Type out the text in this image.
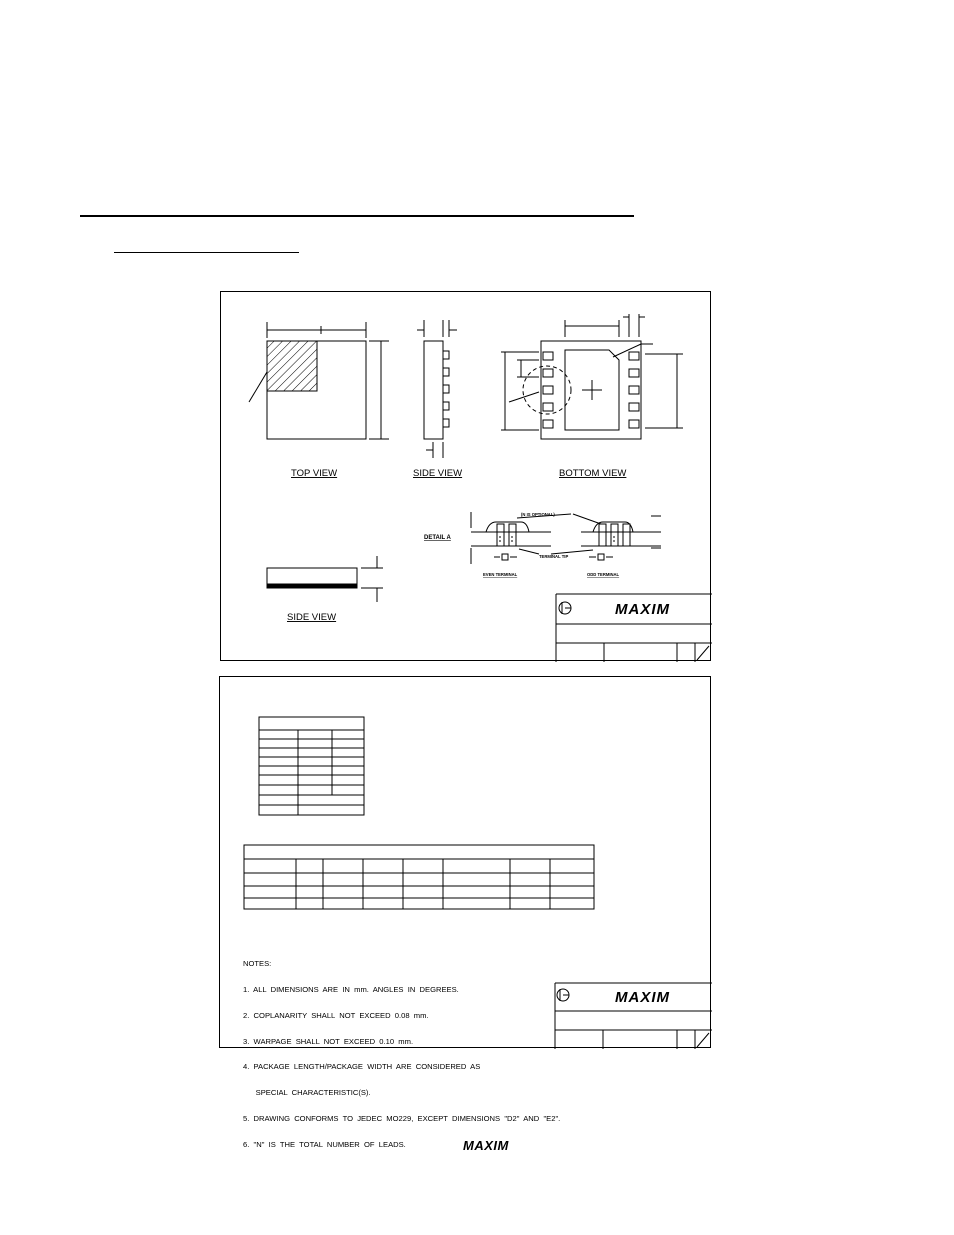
TOP VIEW	SIDE VIEW	BOTTOM VIEW
SIDE VIEW
DETAIL A
(N IS OPTIONAL)
TERMINAL TIP
EVEN TERMINAL	ODD TERMINAL
MAXIM
MAXIM

NOTES:

1.  ALL  DIMENSIONS  ARE  IN  mm.  ANGLES  IN  DEGREES.

2.  COPLANARITY  SHALL  NOT  EXCEED  0.08  mm.

3.  WARPAGE  SHALL  NOT  EXCEED  0.10  mm.

4.  PACKAGE  LENGTH/PACKAGE  WIDTH  ARE  CONSIDERED  AS

SPECIAL  CHARACTERISTIC(S).

5.  DRAWING  CONFORMS  TO  JEDEC  MO229,  EXCEPT  DIMENSIONS  "D2"  AND  "E2".

6.  "N"  IS  THE  TOTAL  NUMBER  OF  LEADS.

	MAXIM
